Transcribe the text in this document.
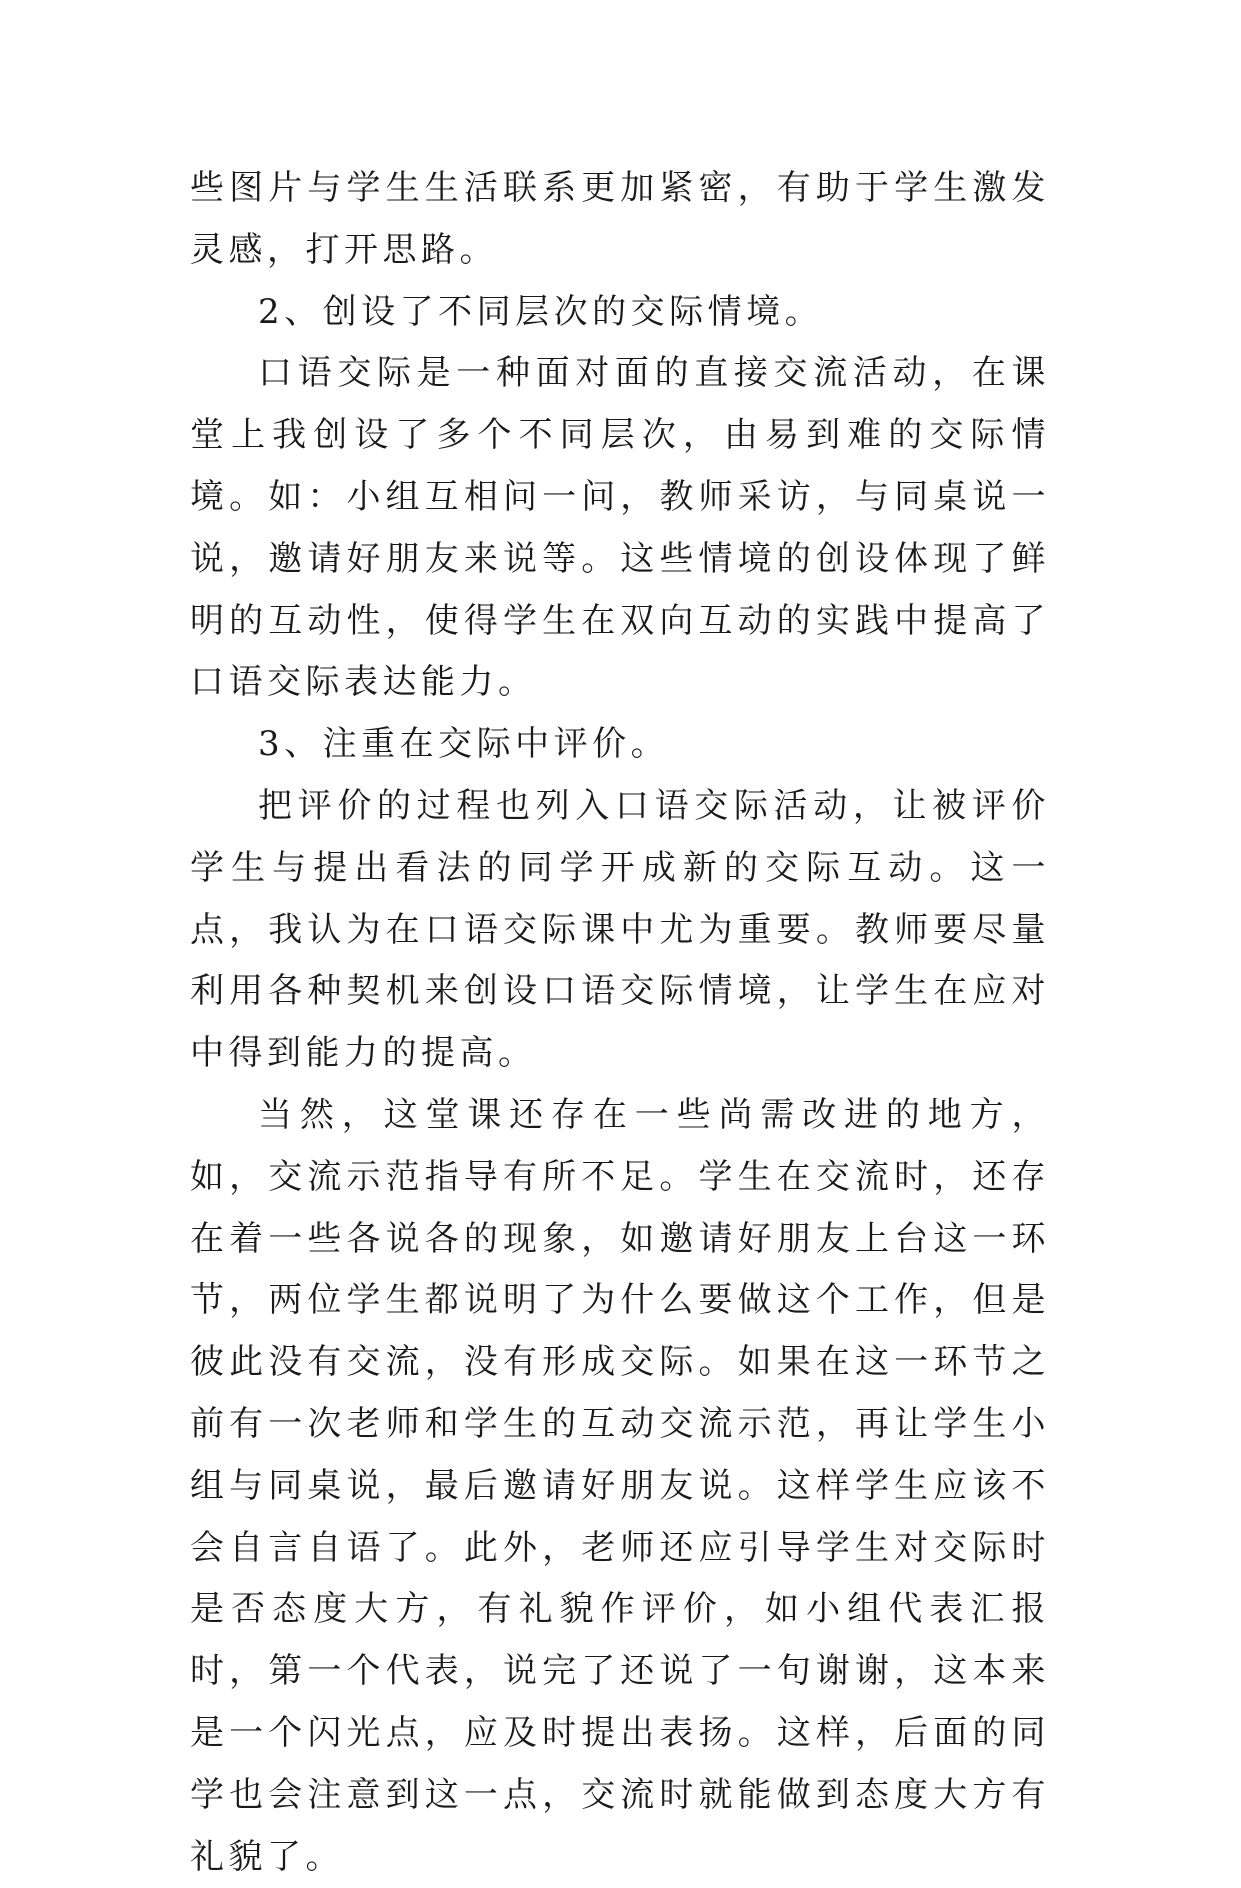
些图片与学生生活联系更加紧密，有助于学生激发灵感，打开思路。

2、创设了不同层次的交际情境。

口语交际是一种面对面的直接交流活动，在课堂上我创设了多个不同层次，由易到难的交际情境。如：小组互相问一问，教师采访，与同桌说一说，邀请好朋友来说等。这些情境的创设体现了鲜明的互动性，使得学生在双向互动的实践中提高了口语交际表达能力。

3、注重在交际中评价。

把评价的过程也列入口语交际活动，让被评价学生与提出看法的同学开成新的交际互动。这一点，我认为在口语交际课中尤为重要。教师要尽量利用各种契机来创设口语交际情境，让学生在应对中得到能力的提高。

当然，这堂课还存在一些尚需改进的地方，如，交流示范指导有所不足。学生在交流时，还存在着一些各说各的现象，如邀请好朋友上台这一环节，两位学生都说明了为什么要做这个工作，但是彼此没有交流，没有形成交际。如果在这一环节之前有一次老师和学生的互动交流示范，再让学生小组与同桌说，最后邀请好朋友说。这样学生应该不会自言自语了。此外，老师还应引导学生对交际时是否态度大方，有礼貌作评价，如小组代表汇报时，第一个代表，说完了还说了一句谢谢，这本来是一个闪光点，应及时提出表扬。这样，后面的同学也会注意到这一点，交流时就能做到态度大方有礼貌了。
